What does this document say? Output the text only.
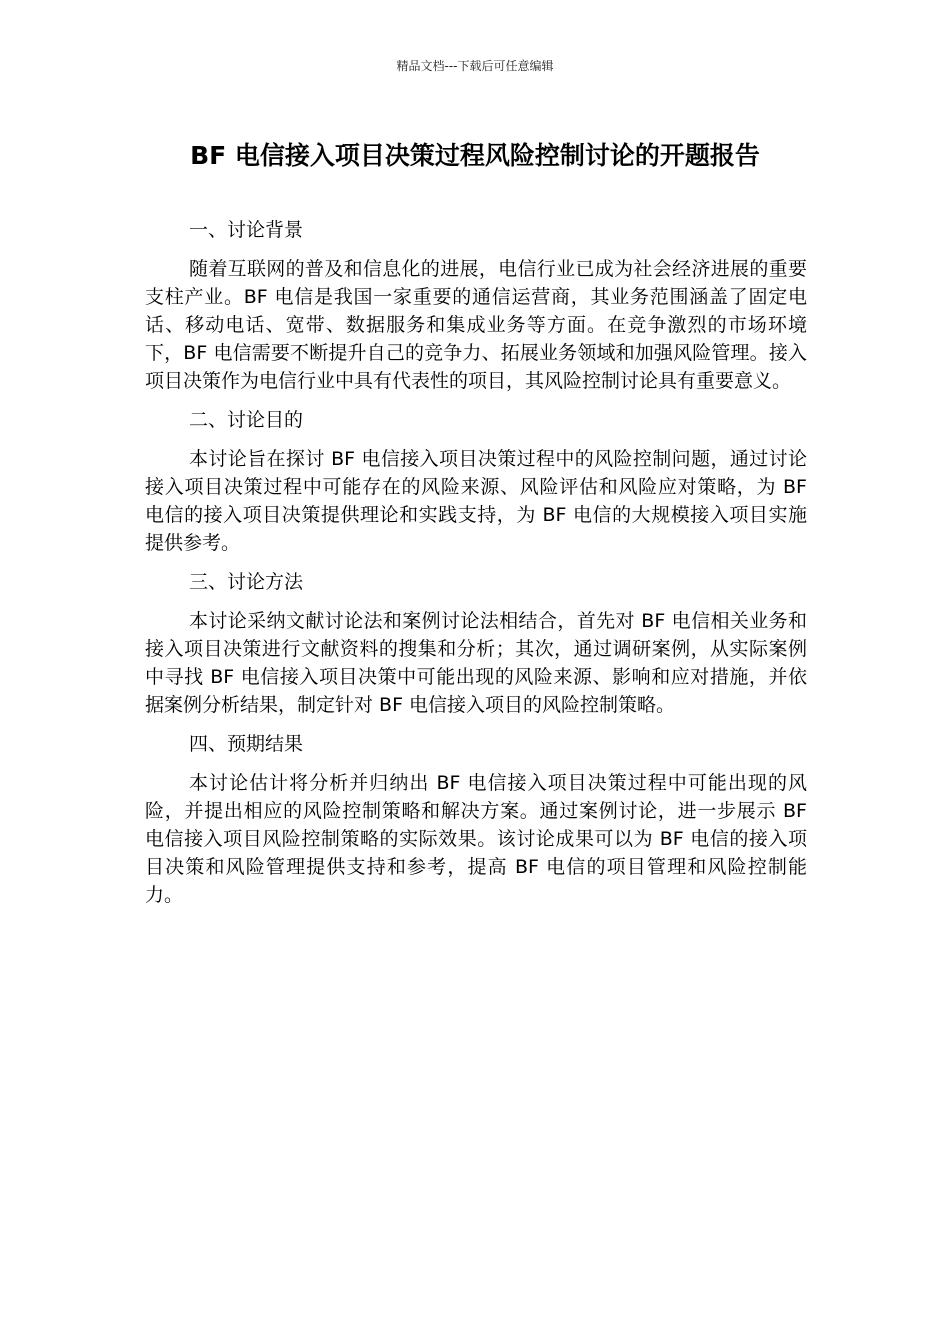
精品文档---下载后可任意编辑
BF 电信接入项目决策过程风险控制讨论的开题报告

一、讨论背景

随着互联网的普及和信息化的进展，电信行业已成为社会经济进展的重要支柱产业。BF 电信是我国一家重要的通信运营商，其业务范围涵盖了固定电话、移动电话、宽带、数据服务和集成业务等方面。在竞争激烈的市场环境下，BF 电信需要不断提升自己的竞争力、拓展业务领域和加强风险管理。接入项目决策作为电信行业中具有代表性的项目，其风险控制讨论具有重要意义。

二、讨论目的

本讨论旨在探讨 BF 电信接入项目决策过程中的风险控制问题，通过讨论接入项目决策过程中可能存在的风险来源、风险评估和风险应对策略，为 BF 电信的接入项目决策提供理论和实践支持，为 BF 电信的大规模接入项目实施提供参考。

三、讨论方法

本讨论采纳文献讨论法和案例讨论法相结合，首先对 BF 电信相关业务和接入项目决策进行文献资料的搜集和分析；其次，通过调研案例，从实际案例中寻找 BF 电信接入项目决策中可能出现的风险来源、影响和应对措施，并依据案例分析结果，制定针对 BF 电信接入项目的风险控制策略。

四、预期结果

本讨论估计将分析并归纳出 BF 电信接入项目决策过程中可能出现的风险，并提出相应的风险控制策略和解决方案。通过案例讨论，进一步展示 BF 电信接入项目风险控制策略的实际效果。该讨论成果可以为 BF 电信的接入项目决策和风险管理提供支持和参考，提高 BF 电信的项目管理和风险控制能力。
